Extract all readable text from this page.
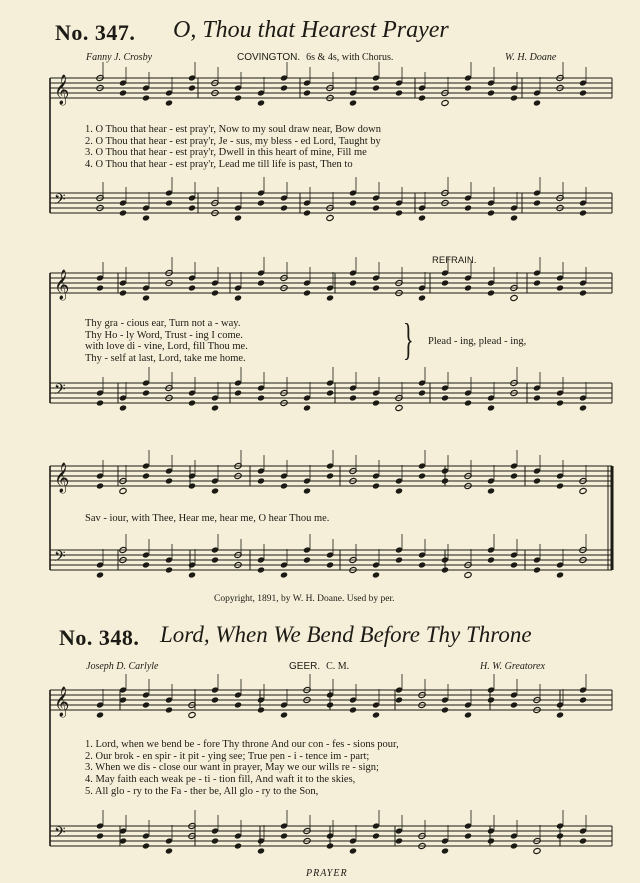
𝄞
𝄢
𝄞
𝄢
𝄞
𝄢
𝄞
𝄢
No. 347. O, Thou that Hearest Prayer
Fanny J. Crosby	COVINGTON. 6s & 4s, with Chorus.	W. H. Doane
1. O Thou that hear - est pray'r, Now to my soul draw near, Bow down
2. O Thou that hear - est pray'r, Je - sus, my bless - ed Lord, Taught by
3. O Thou that hear - est pray'r, Dwell in this heart of mine, Fill me
4. O Thou that hear - est pray'r, Lead me till life is past, Then to
REFRAIN.
Thy gra - cious ear, Turn not a - way.
Thy Ho - ly Word, Trust - ing I come.
with love di - vine, Lord, fill Thou me.
Thy - self at last, Lord, take me home.	} Plead - ing, plead - ing,
Sav - iour, with Thee, Hear me, hear me, O hear Thou me.
Copyright, 1891, by W. H. Doane. Used by per.
No. 348. Lord, When We Bend Before Thy Throne
Joseph D. Carlyle	GEER. C. M.	H. W. Greatorex
1. Lord, when we bend be - fore Thy throne And our con - fes - sions pour,
2. Our brok - en spir - it pit - ying see; True pen - i - tence im - part;
3. When we dis - close our want in prayer, May we our wills re - sign;
4. May faith each weak pe - ti - tion fill, And waft it to the skies,
5. All glo - ry to the Fa - ther be, All glo - ry to the Son,
PRAYER
